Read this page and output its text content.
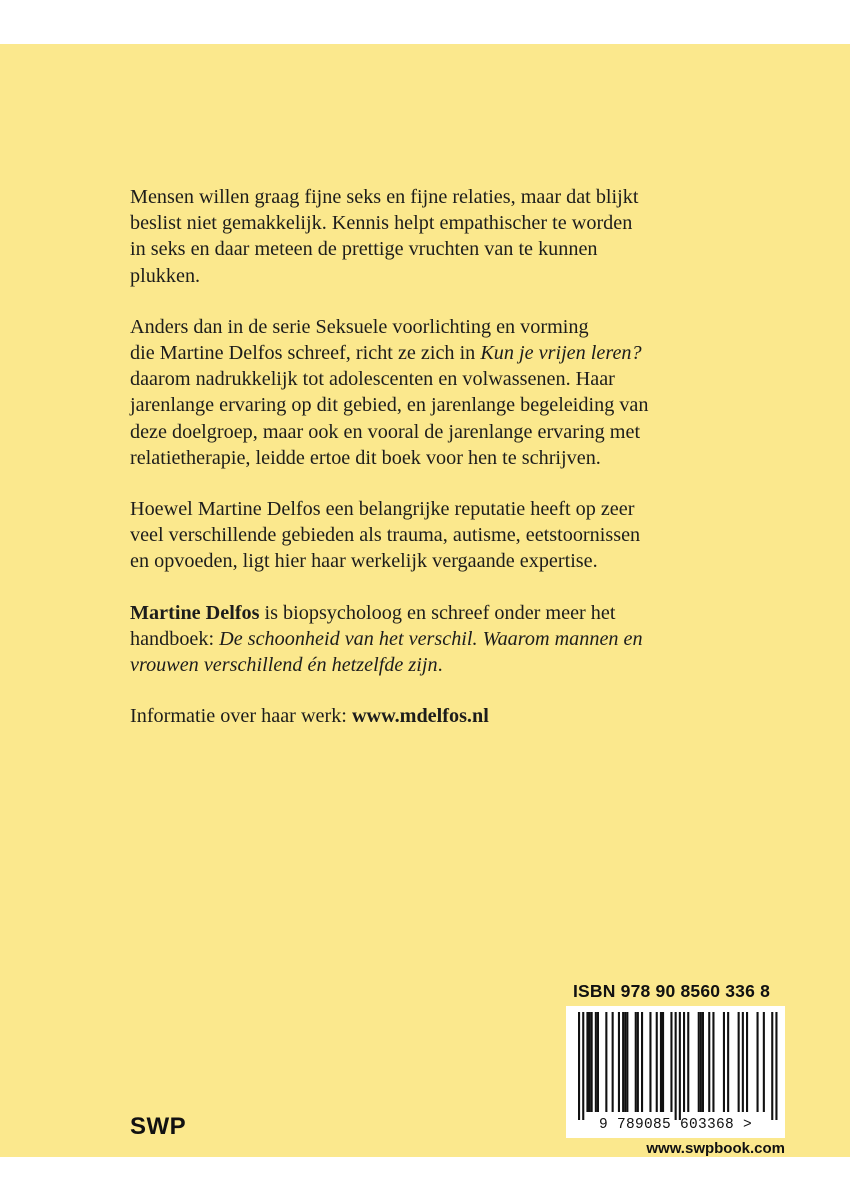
Mensen willen graag fijne seks en fijne relaties, maar dat blijkt
beslist niet gemakkelijk. Kennis helpt empathischer te worden
in seks en daar meteen de prettige vruchten van te kunnen
plukken.

Anders dan in de serie Seksuele voorlichting en vorming
die Martine Delfos schreef, richt ze zich in Kun je vrijen leren?
daarom nadrukkelijk tot adolescenten en volwassenen. Haar
jarenlange ervaring op dit gebied, en jarenlange begeleiding van
deze doelgroep, maar ook en vooral de jarenlange ervaring met
relatietherapie, leidde ertoe dit boek voor hen te schrijven.

Hoewel Martine Delfos een belangrijke reputatie heeft op zeer
veel verschillende gebieden als trauma, autisme, eetstoornissen
en opvoeden, ligt hier haar werkelijk vergaande expertise.

Martine Delfos is biopsycholoog en schreef onder meer het
handboek: De schoonheid van het verschil. Waarom mannen en
vrouwen verschillend én hetzelfde zijn.

Informatie over haar werk: www.mdelfos.nl

SWP
ISBN 978 90 8560 336 8
9 789085 603368 >
www.swpbook.com
